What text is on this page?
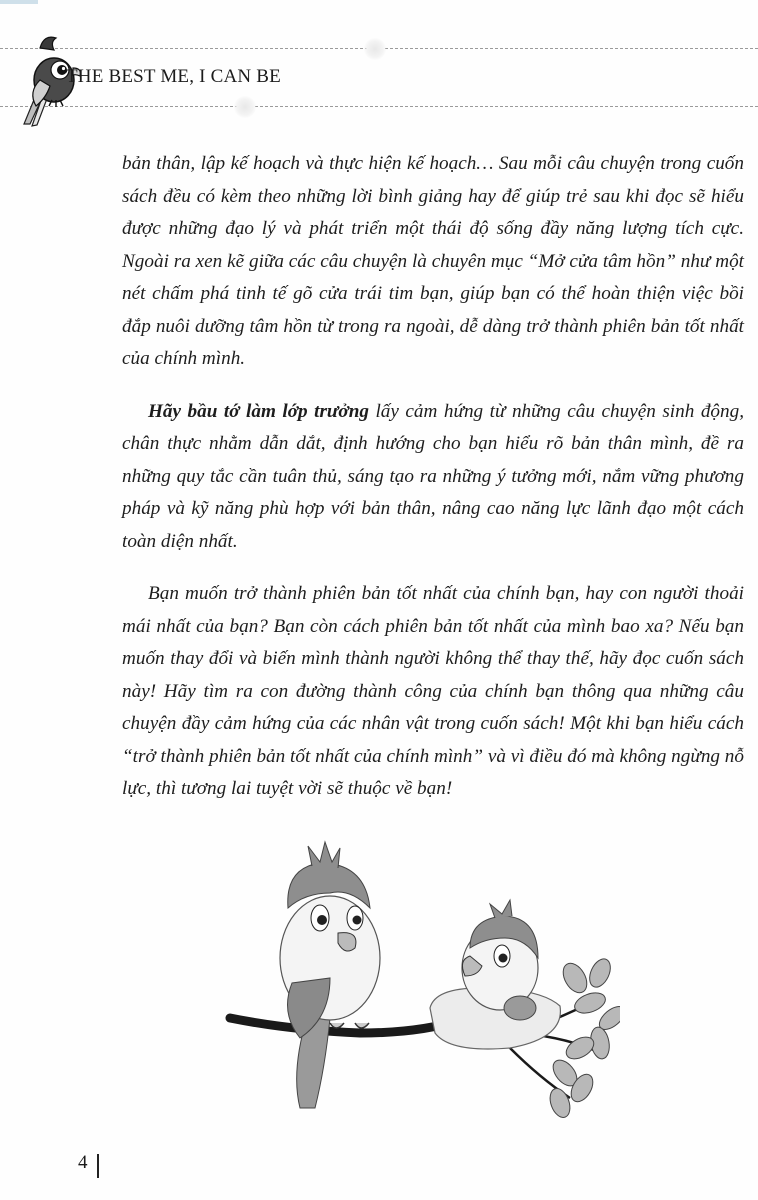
THE BEST ME, I CAN BE

bản thân, lập kế hoạch và thực hiện kế hoạch… Sau mỗi câu chuyện trong cuốn sách đều có kèm theo những lời bình giảng hay để giúp trẻ sau khi đọc sẽ hiểu được những đạo lý và phát triển một thái độ sống đầy năng lượng tích cực. Ngoài ra xen kẽ giữa các câu chuyện là chuyên mục “Mở cửa tâm hồn” như một nét chấm phá tinh tế gõ cửa trái tim bạn, giúp bạn có thể hoàn thiện việc bồi đắp nuôi dưỡng tâm hồn từ trong ra ngoài, dễ dàng trở thành phiên bản tốt nhất của chính mình.

Hãy bầu tớ làm lớp trưởng lấy cảm hứng từ những câu chuyện sinh động, chân thực nhằm dẫn dắt, định hướng cho bạn hiểu rõ bản thân mình, đề ra những quy tắc cần tuân thủ, sáng tạo ra những ý tưởng mới, nắm vững phương pháp và kỹ năng phù hợp với bản thân, nâng cao năng lực lãnh đạo một cách toàn diện nhất.

Bạn muốn trở thành phiên bản tốt nhất của chính bạn, hay con người thoải mái nhất của bạn? Bạn còn cách phiên bản tốt nhất của mình bao xa? Nếu bạn muốn thay đổi và biến mình thành người không thể thay thế, hãy đọc cuốn sách này! Hãy tìm ra con đường thành công của chính bạn thông qua những câu chuyện đầy cảm hứng của các nhân vật trong cuốn sách! Một khi bạn hiểu cách “trở thành phiên bản tốt nhất của chính mình” và vì điều đó mà không ngừng nỗ lực, thì tương lai tuyệt vời sẽ thuộc về bạn!

4
